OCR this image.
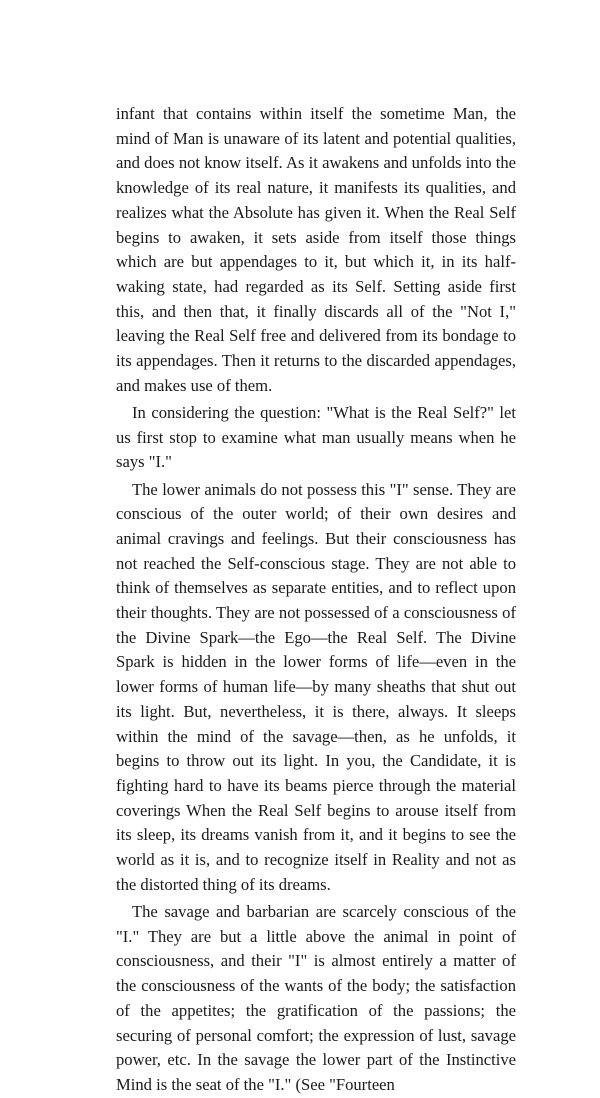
infant that contains within itself the sometime Man, the mind of Man is unaware of its latent and potential qualities, and does not know itself. As it awakens and unfolds into the knowledge of its real nature, it manifests its qualities, and realizes what the Absolute has given it. When the Real Self begins to awaken, it sets aside from itself those things which are but appendages to it, but which it, in its half-waking state, had regarded as its Self. Setting aside first this, and then that, it finally discards all of the "Not I," leaving the Real Self free and delivered from its bondage to its appendages. Then it returns to the discarded appendages, and makes use of them.

In considering the question: "What is the Real Self?" let us first stop to examine what man usually means when he says "I."

The lower animals do not possess this "I" sense. They are conscious of the outer world; of their own desires and animal cravings and feelings. But their consciousness has not reached the Self-conscious stage. They are not able to think of themselves as separate entities, and to reflect upon their thoughts. They are not possessed of a consciousness of the Divine Spark—the Ego—the Real Self. The Divine Spark is hidden in the lower forms of life—even in the lower forms of human life—by many sheaths that shut out its light. But, nevertheless, it is there, always. It sleeps within the mind of the savage—then, as he unfolds, it begins to throw out its light. In you, the Candidate, it is fighting hard to have its beams pierce through the material coverings When the Real Self begins to arouse itself from its sleep, its dreams vanish from it, and it begins to see the world as it is, and to recognize itself in Reality and not as the distorted thing of its dreams.

The savage and barbarian are scarcely conscious of the "I." They are but a little above the animal in point of consciousness, and their "I" is almost entirely a matter of the consciousness of the wants of the body; the satisfaction of the appetites; the gratification of the passions; the securing of personal comfort; the expression of lust, savage power, etc. In the savage the lower part of the Instinctive Mind is the seat of the "I." (See "Fourteen
